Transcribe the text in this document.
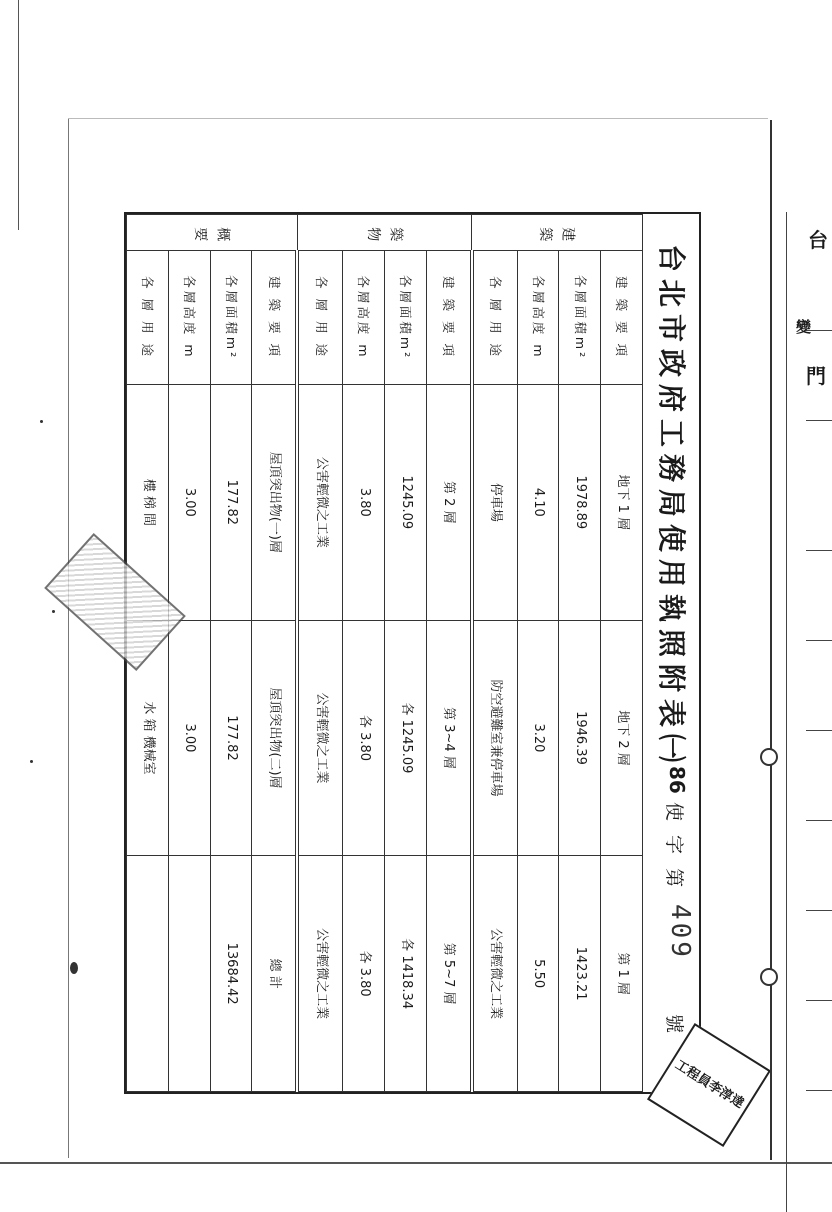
台北市政府工務局使用執照附表㈠
86
使 字 第
409
號
建 築	建 築 要 項	地下 1 層	地下 2 層	第 1 層
	各層面積m²	1978.89	1946.39	1423.21
	各層高度 m	4.10	3.20	5.50
	各 層 用 途	停車場	防空避難室兼停車場	公害輕微之工業
築 物	建 築 要 項	第 2 層	第 3~4 層	第 5~7 層
	各層面積m²	1245.09	各 1245.09	各 1418.34
	各層高度 m	3.80	各 3.80	各 3.80
	各 層 用 途	公害輕微之工業	公害輕微之工業	公害輕微之工業
概 要	建 築 要 項	屋頂突出物(一)層	屋頂突出物(二)層	總 計
	各層面積m²	177.82	177.82	13684.42
	各層高度 m	3.00	3.00	
	各 層 用 途	樓 梯 間	水 箱 機械室	
工程員李淳達
台
變
門
